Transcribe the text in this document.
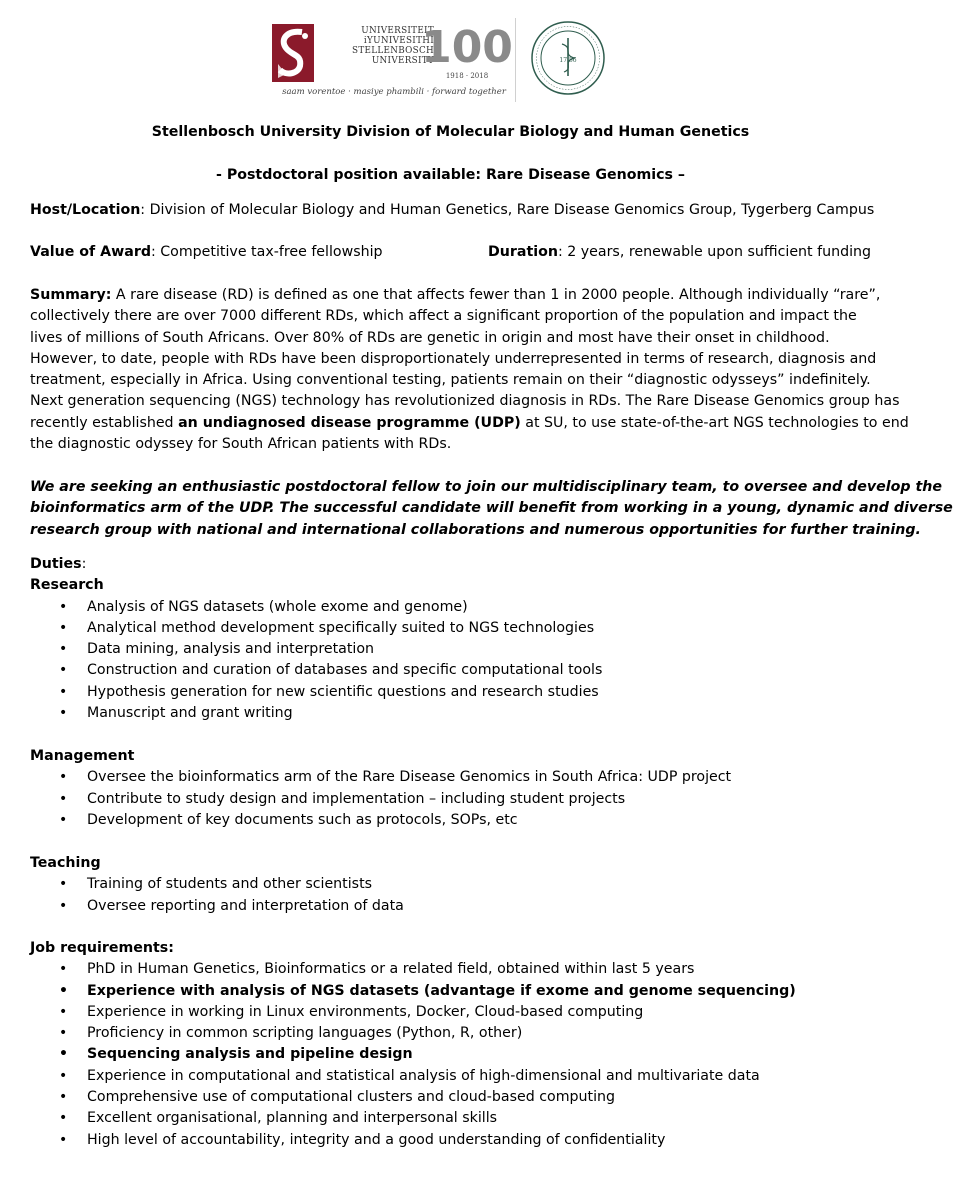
UNIVERSITEIT
iYUNIVESITHI
STELLENBOSCH
UNIVERSITY
100
1918 · 2018
saam vorentoe · masiye phambili · forward together
17 56
Stellenbosch University Division of Molecular Biology and Human Genetics
- Postdoctoral position available: Rare Disease Genomics –
Host/Location: Division of Molecular Biology and Human Genetics, Rare Disease Genomics Group, Tygerberg Campus
Value of Award: Competitive tax-free fellowship	Duration: 2 years, renewable upon sufficient funding
Summary: A rare disease (RD) is defined as one that affects fewer than 1 in 2000 people. Although individually “rare”,
collectively there are over 7000 different RDs, which affect a significant proportion of the population and impact the
lives of millions of South Africans. Over 80% of RDs are genetic in origin and most have their onset in childhood.
However, to date, people with RDs have been disproportionately underrepresented in terms of research, diagnosis and
treatment, especially in Africa. Using conventional testing, patients remain on their “diagnostic odysseys” indefinitely.
Next generation sequencing (NGS) technology has revolutionized diagnosis in RDs. The Rare Disease Genomics group has
recently established an undiagnosed disease programme (UDP) at SU, to use state-of-the-art NGS technologies to end
the diagnostic odyssey for South African patients with RDs.
We are seeking an enthusiastic postdoctoral fellow to join our multidisciplinary team, to oversee and develop the
bioinformatics arm of the UDP. The successful candidate will benefit from working in a young, dynamic and diverse
research group with national and international collaborations and numerous opportunities for further training.
Duties:
Research
• Analysis of NGS datasets (whole exome and genome)
• Analytical method development specifically suited to NGS technologies
• Data mining, analysis and interpretation
• Construction and curation of databases and specific computational tools
• Hypothesis generation for new scientific questions and research studies
• Manuscript and grant writing
Management
• Oversee the bioinformatics arm of the Rare Disease Genomics in South Africa: UDP project
• Contribute to study design and implementation – including student projects
• Development of key documents such as protocols, SOPs, etc
Teaching
• Training of students and other scientists
• Oversee reporting and interpretation of data
Job requirements:
• PhD in Human Genetics, Bioinformatics or a related field, obtained within last 5 years
• Experience with analysis of NGS datasets (advantage if exome and genome sequencing)
• Experience in working in Linux environments, Docker, Cloud-based computing
• Proficiency in common scripting languages (Python, R, other)
• Sequencing analysis and pipeline design
• Experience in computational and statistical analysis of high-dimensional and multivariate data
• Comprehensive use of computational clusters and cloud-based computing
• Excellent organisational, planning and interpersonal skills
• High level of accountability, integrity and a good understanding of confidentiality
